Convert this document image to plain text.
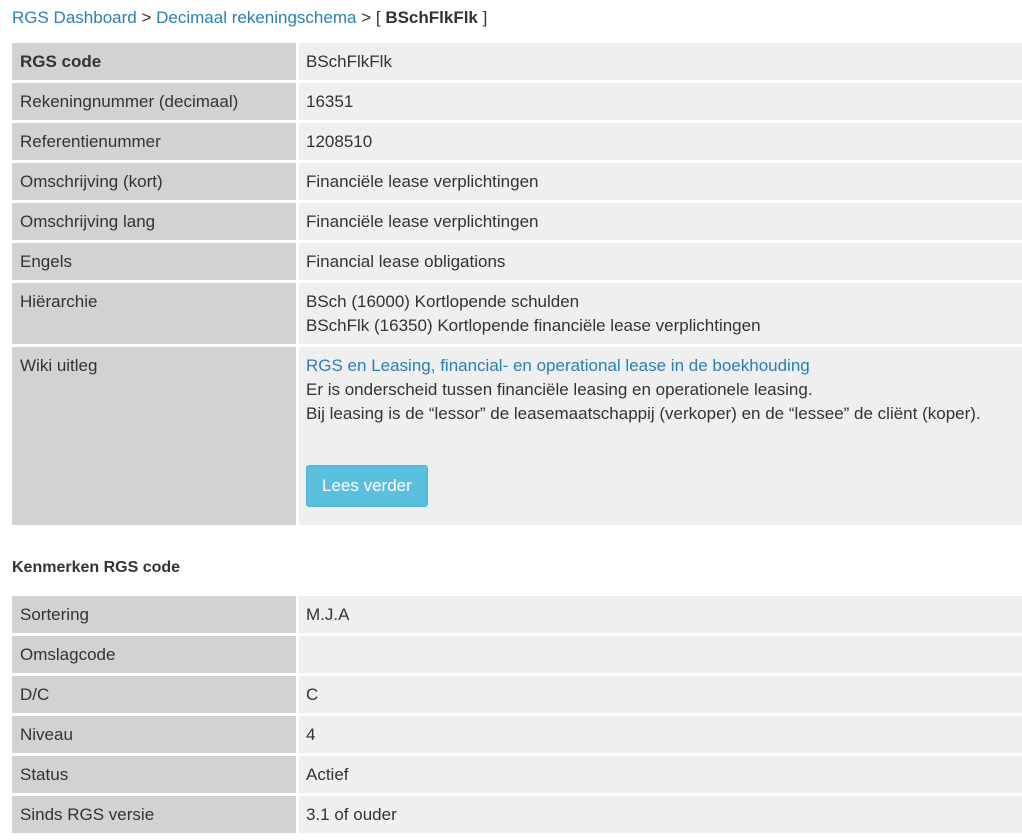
RGS Dashboard > Decimaal rekeningschema > [ BSchFlkFlk ]
RGS code	BSchFlkFlk

Rekeningnummer (decimaal)	16351

Referentienummer	1208510

Omschrijving (kort)	Financiële lease verplichtingen

Omschrijving lang	Financiële lease verplichtingen

Engels	Financial lease obligations

Hiërarchie	BSch (16000) Kortlopende schulden
BSchFlk (16350) Kortlopende financiële lease verplichtingen

Wiki uitleg	RGS en Leasing, financial- en operational lease in de boekhouding
Er is onderscheid tussen financiële leasing en operationele leasing.
Bij leasing is de “lessor” de leasemaatschappij (verkoper) en de “lessee” de cliënt (koper).
Lees verder
Kenmerken RGS code
Sortering	M.J.A

Omslagcode	

D/C	C

Niveau	4

Status	Actief

Sinds RGS versie	3.1 of ouder
